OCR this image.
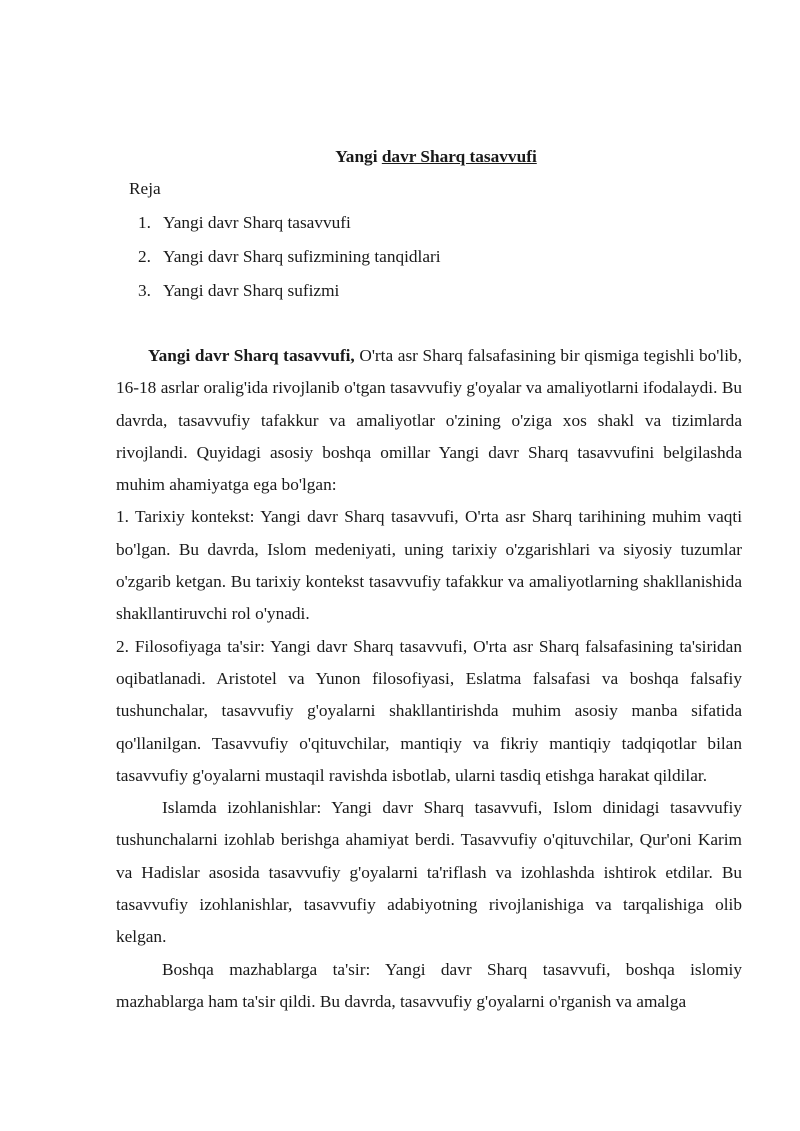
Yangi davr Sharq tasavvufi
Reja
1. Yangi davr Sharq tasavvufi
2. Yangi davr Sharq sufizmining tanqidlari
3. Yangi davr Sharq sufizmi

Yangi davr Sharq tasavvufi, O'rta asr Sharq falsafasining bir qismiga tegishli bo'lib, 16-18 asrlar oralig'ida rivojlanib o'tgan tasavvufiy g'oyalar va amaliyotlarni ifodalaydi. Bu davrda, tasavvufiy tafakkur va amaliyotlar o'zining o'ziga xos shakl va tizimlarda rivojlandi. Quyidagi asosiy boshqa omillar Yangi davr Sharq tasavvufini belgilashda muhim ahamiyatga ega bo'lgan:

1. Tarixiy kontekst: Yangi davr Sharq tasavvufi, O'rta asr Sharq tarihining muhim vaqti bo'lgan. Bu davrda, Islom medeniyati, uning tarixiy o'zgarishlari va siyosiy tuzumlar o'zgarib ketgan. Bu tarixiy kontekst tasavvufiy tafakkur va amaliyotlarning shakllanishida shakllantiruvchi rol o'ynadi.

2. Filosofiyaga ta'sir: Yangi davr Sharq tasavvufi, O'rta asr Sharq falsafasining ta'siridan oqibatlanadi. Aristotel va Yunon filosofiyasi, Eslatma falsafasi va boshqa falsafiy tushunchalar, tasavvufiy g'oyalarni shakllantirishda muhim asosiy manba sifatida qo'llanilgan. Tasavvufiy o'qituvchilar, mantiqiy va fikriy mantiqiy tadqiqotlar bilan tasavvufiy g'oyalarni mustaqil ravishda isbotlab, ularni tasdiq etishga harakat qildilar.

Islamda izohlanishlar: Yangi davr Sharq tasavvufi, Islom dinidagi tasavvufiy tushunchalarni izohlab berishga ahamiyat berdi. Tasavvufiy o'qituvchilar, Qur'oni Karim va Hadislar asosida tasavvufiy g'oyalarni ta'riflash va izohlashda ishtirok etdilar. Bu tasavvufiy izohlanishlar, tasavvufiy adabiyotning rivojlanishiga va tarqalishiga olib kelgan.

Boshqa mazhablarga ta'sir: Yangi davr Sharq tasavvufi, boshqa islomiy mazhablarga ham ta'sir qildi. Bu davrda, tasavvufiy g'oyalarni o'rganish va amalga
